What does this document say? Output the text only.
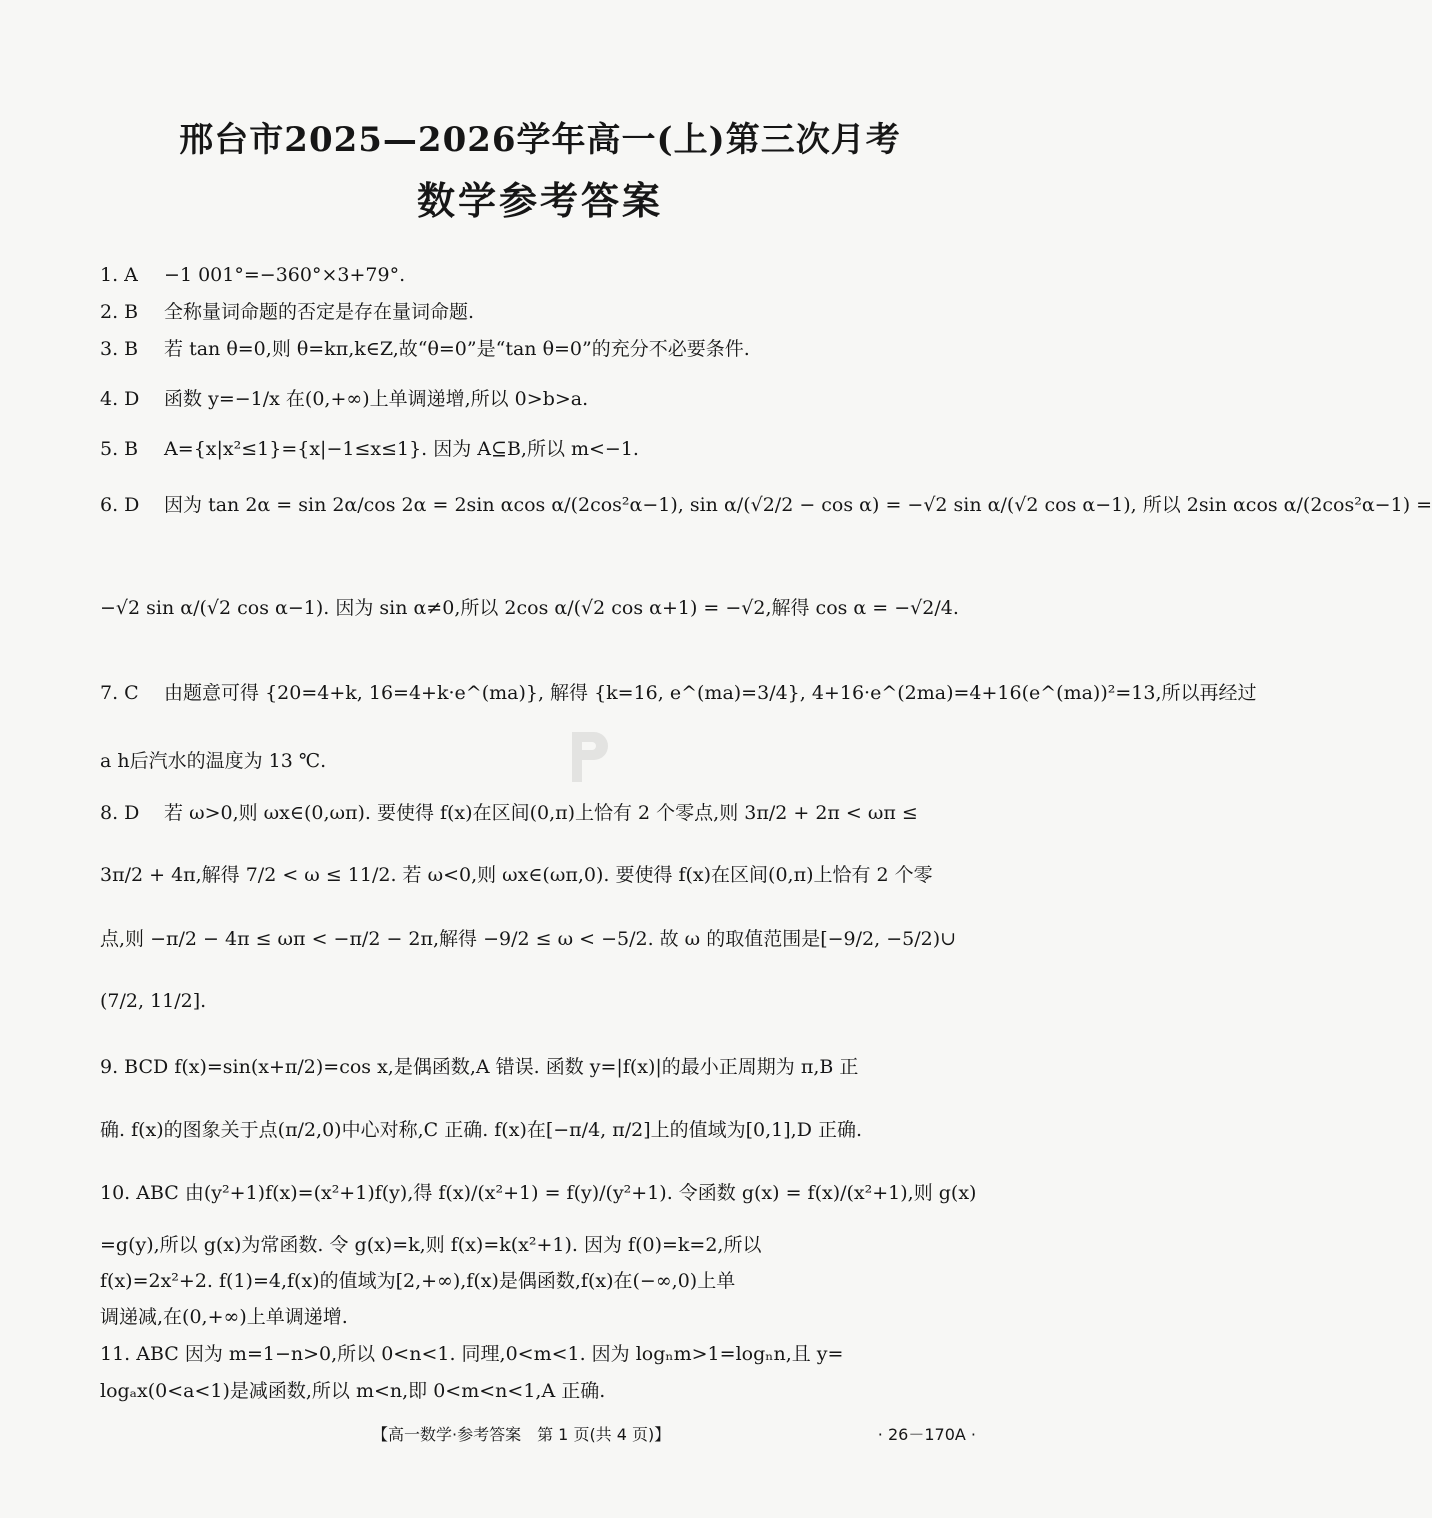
邢台市2025—2026学年高一(上)第三次月考
数学参考答案
1. A −1 001°=−360°×3+79°.
2. B 全称量词命题的否定是存在量词命题.
3. B 若 tan θ=0,则 θ=kπ,k∈Z,故“θ=0”是“tan θ=0”的充分不必要条件.
4. D 函数 y=−1/x 在(0,+∞)上单调递增,所以 0>b>a.
5. B A={x|x²≤1}={x|−1≤x≤1}. 因为 A⊆B,所以 m<−1.
6. D 因为 tan 2α = sin 2α/cos 2α = 2sin αcos α/(2cos²α−1), sin α/(√2/2 − cos α) = −√2 sin α/(√2 cos α−1), 所以 2sin αcos α/(2cos²α−1) =
−√2 sin α/(√2 cos α−1). 因为 sin α≠0,所以 2cos α/(√2 cos α+1) = −√2,解得 cos α = −√2/4.
7. C 由题意可得 {20=4+k, 16=4+k·e^(ma)}, 解得 {k=16, e^(ma)=3/4}, 4+16·e^(2ma)=4+16(e^(ma))²=13,所以再经过
a h后汽水的温度为 13 ℃.
8. D 若 ω>0,则 ωx∈(0,ωπ). 要使得 f(x)在区间(0,π)上恰有 2 个零点,则 3π/2 + 2π < ωπ ≤
3π/2 + 4π,解得 7/2 < ω ≤ 11/2. 若 ω<0,则 ωx∈(ωπ,0). 要使得 f(x)在区间(0,π)上恰有 2 个零
点,则 −π/2 − 4π ≤ ωπ < −π/2 − 2π,解得 −9/2 ≤ ω < −5/2. 故 ω 的取值范围是[−9/2, −5/2)∪
(7/2, 11/2].
9. BCD f(x)=sin(x+π/2)=cos x,是偶函数,A 错误. 函数 y=|f(x)|的最小正周期为 π,B 正
确. f(x)的图象关于点(π/2,0)中心对称,C 正确. f(x)在[−π/4, π/2]上的值域为[0,1],D 正确.
10. ABC 由(y²+1)f(x)=(x²+1)f(y),得 f(x)/(x²+1) = f(y)/(y²+1). 令函数 g(x) = f(x)/(x²+1),则 g(x)
=g(y),所以 g(x)为常函数. 令 g(x)=k,则 f(x)=k(x²+1). 因为 f(0)=k=2,所以
f(x)=2x²+2. f(1)=4,f(x)的值域为[2,+∞),f(x)是偶函数,f(x)在(−∞,0)上单
调递减,在(0,+∞)上单调递增.
11. ABC 因为 m=1−n>0,所以 0<n<1. 同理,0<m<1. 因为 logₙm>1=logₙn,且 y=
logₐx(0<a<1)是减函数,所以 m<n,即 0<m<n<1,A 正确.
【高一数学·参考答案　第 1 页(共 4 页)】	· 26－170A ·
